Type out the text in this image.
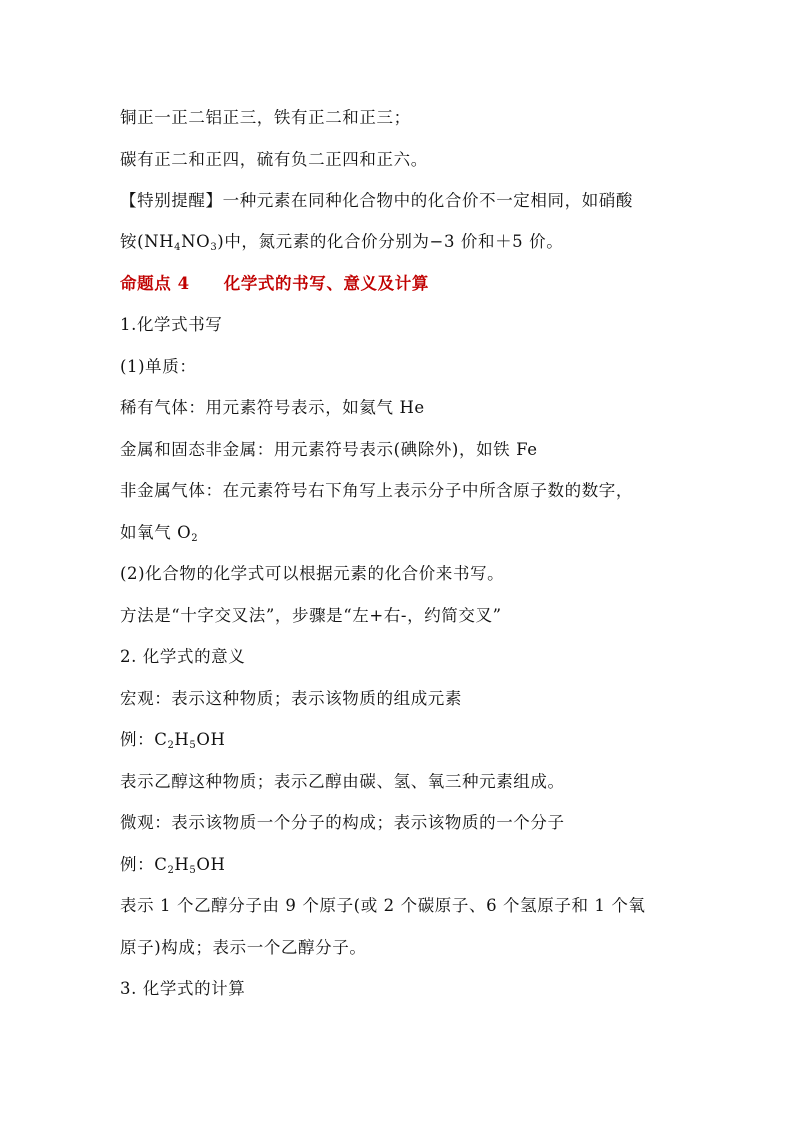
铜正一正二铝正三，铁有正二和正三；
碳有正二和正四，硫有负二正四和正六。
【特别提醒】一种元素在同种化合物中的化合价不一定相同，如硝酸
铵$(NH_4NO_3)$中，氮元素的化合价分别为−3 价和＋5 价。
命题点 4 化学式的书写、意义及计算
1.化学式书写
(1)单质：
稀有气体：用元素符号表示，如氦气 He
金属和固态非金属：用元素符号表示(碘除外)，如铁 Fe
非金属气体：在元素符号右下角写上表示分子中所含原子数的数字，
如氧气 $O_2$
(2)化合物的化学式可以根据元素的化合价来书写。
方法是“十字交叉法”，步骤是“左+右-，约简交叉”
2. 化学式的意义
宏观：表示这种物质；表示该物质的组成元素
例：$C_2H_5OH$
表示乙醇这种物质；表示乙醇由碳、氢、氧三种元素组成。
微观：表示该物质一个分子的构成；表示该物质的一个分子
例：$C_2H_5OH$
表示 1 个乙醇分子由 9 个原子(或 2 个碳原子、6 个氢原子和 1 个氧
原子)构成；表示一个乙醇分子。
3. 化学式的计算
